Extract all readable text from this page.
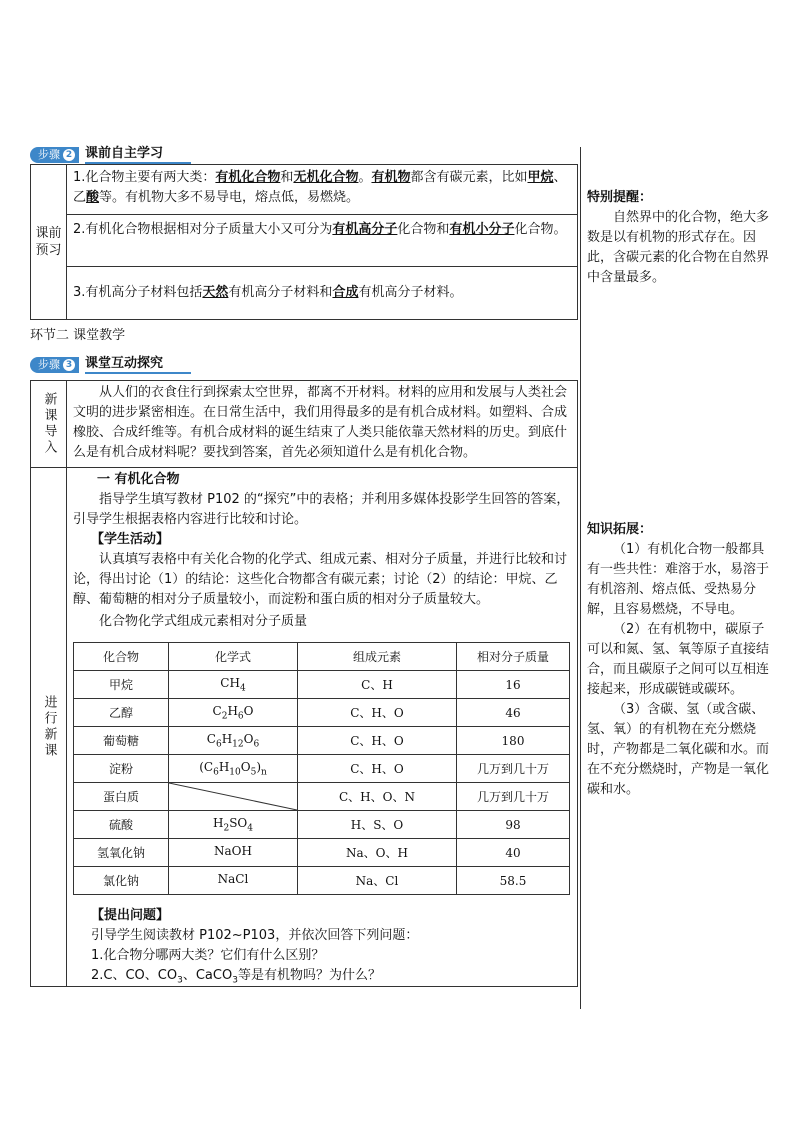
步骤 2 课前自主学习
课前预习
1.化合物主要有两大类：有机化合物和无机化合物。有机物都含有碳元素，比如甲烷、乙酸等。有机物大多不易导电，熔点低，易燃烧。
2.有机化合物根据相对分子质量大小又可分为有机高分子化合物和有机小分子化合物。
3.有机高分子材料包括天然有机高分子材料和合成有机高分子材料。
环节二 课堂教学
步骤 3 课堂互动探究
新课导入	从人们的衣食住行到探索太空世界，都离不开材料。材料的应用和发展与人类社会文明的进步紧密相连。在日常生活中，我们用得最多的是有机合成材料。如塑料、合成橡胶、合成纤维等。有机合成材料的诞生结束了人类只能依靠天然材料的历史。到底什么是有机合成材料呢？要找到答案，首先必须知道什么是有机化合物。
进行新课
一 有机化合物
指导学生填写教材 P102 的“探究”中的表格；并利用多媒体投影学生回答的答案，引导学生根据表格内容进行比较和讨论。
【学生活动】
认真填写表格中有关化合物的化学式、组成元素、相对分子质量，并进行比较和讨论，得出讨论（1）的结论：这些化合物都含有碳元素；讨论（2）的结论：甲烷、乙醇、葡萄糖的相对分子质量较小，而淀粉和蛋白质的相对分子质量较大。
化合物化学式组成元素相对分子质量
【提出问题】
引导学生阅读教材 P102~P103，并依次回答下列问题：
1.化合物分哪两大类？它们有什么区别？
2.C、CO、$CO_3$、CaCO$_3$等是有机物吗？为什么？
化合物	化学式	组成元素	相对分子质量
甲烷	$CH_4$	C、H	16
乙醇	$C_2H_6O$	C、H、O	46
葡萄糖	$C_6H_{12}O_6$	C、H、O	180
淀粉	$(C_6H_{10}O_5)_n$	C、H、O	几万到几十万
蛋白质		C、H、O、N	几万到几十万
硫酸	$H_2SO_4$	H、S、O	98
氢氧化钠	NaOH	Na、O、H	40
氯化钠	NaCl	Na、Cl	58.5
特别提醒：
自然界中的化合物，绝大多数是以有机物的形式存在。因此，含碳元素的化合物在自然界中含量最多。
知识拓展：
（1）有机化合物一般都具有一些共性：难溶于水，易溶于有机溶剂、熔点低、受热易分解，且容易燃烧，不导电。
（2）在有机物中，碳原子可以和氮、氢、氧等原子直接结合，而且碳原子之间可以互相连接起来，形成碳链或碳环。
（3）含碳、氢（或含碳、氢、氧）的有机物在充分燃烧时，产物都是二氧化碳和水。而在不充分燃烧时，产物是一氧化碳和水。
